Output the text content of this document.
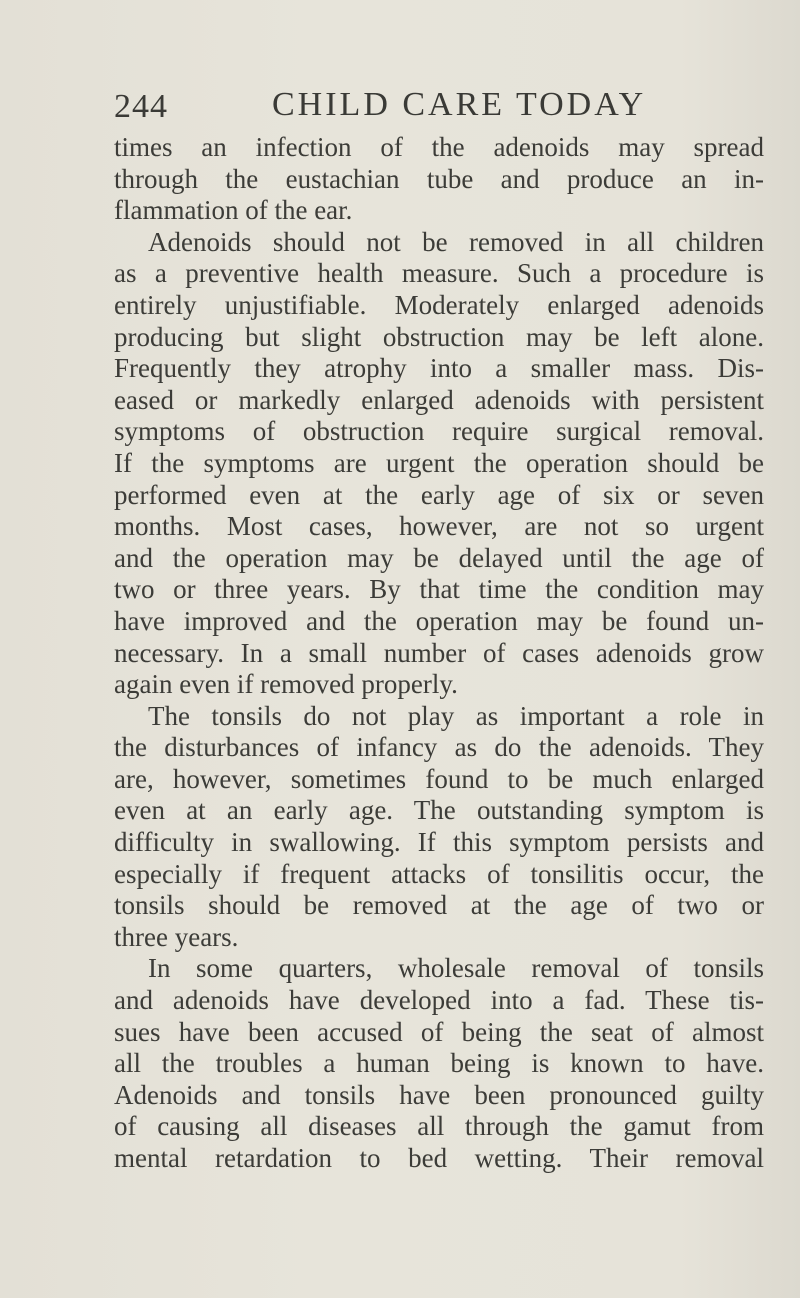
244	CHILD CARE TODAY
times an infection of the adenoids may spread
through the eustachian tube and produce an in-
flammation of the ear.
Adenoids should not be removed in all children
as a preventive health measure. Such a procedure is
entirely unjustifiable. Moderately enlarged adenoids
producing but slight obstruction may be left alone.
Frequently they atrophy into a smaller mass. Dis-
eased or markedly enlarged adenoids with persistent
symptoms of obstruction require surgical removal.
If the symptoms are urgent the operation should be
performed even at the early age of six or seven
months. Most cases, however, are not so urgent
and the operation may be delayed until the age of
two or three years. By that time the condition may
have improved and the operation may be found un-
necessary. In a small number of cases adenoids grow
again even if removed properly.
The tonsils do not play as important a role in
the disturbances of infancy as do the adenoids. They
are, however, sometimes found to be much enlarged
even at an early age. The outstanding symptom is
difficulty in swallowing. If this symptom persists and
especially if frequent attacks of tonsilitis occur, the
tonsils should be removed at the age of two or
three years.
In some quarters, wholesale removal of tonsils
and adenoids have developed into a fad. These tis-
sues have been accused of being the seat of almost
all the troubles a human being is known to have.
Adenoids and tonsils have been pronounced guilty
of causing all diseases all through the gamut from
mental retardation to bed wetting. Their removal
